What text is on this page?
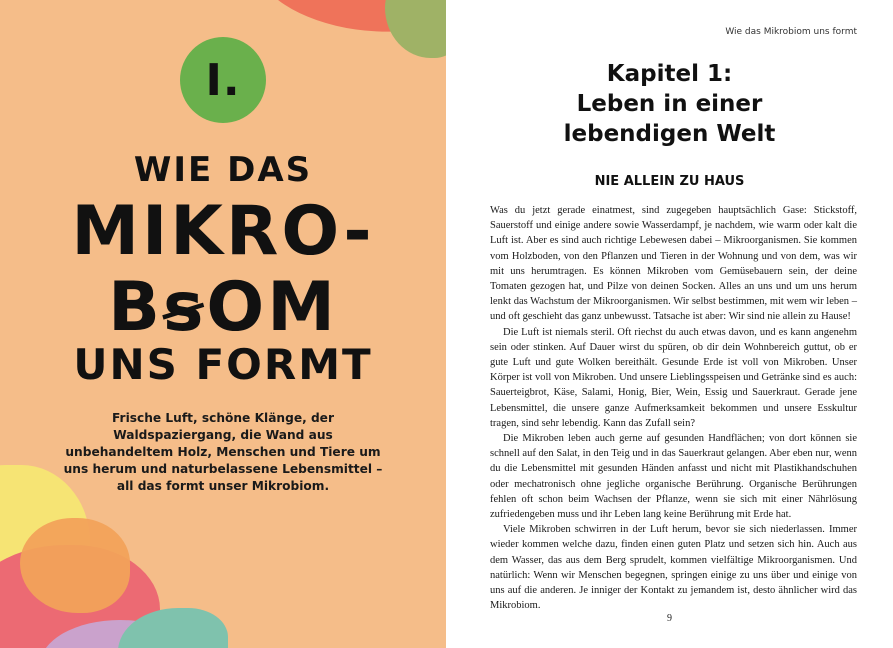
I.
WIE DAS
MIKRO-
B⁠ꞩOM
UNS FORMT
Frische Luft, schöne Klänge, der Waldspaziergang, die Wand aus unbehandeltem Holz, Menschen und Tiere um uns herum und naturbelassene Lebensmittel – all das formt unser Mikrobiom.
Wie das Mikrobiom uns formt
Kapitel 1:
Leben in einer
lebendigen Welt
NIE ALLEIN ZU HAUS

Was du jetzt gerade einatmest, sind zugegeben hauptsächlich Gase: Stickstoff, Sauerstoff und einige andere sowie Wasserdampf, je nachdem, wie warm oder kalt die Luft ist. Aber es sind auch richtige Lebewesen dabei – Mikroorganismen. Sie kommen vom Holzboden, von den Pflanzen und Tieren in der Wohnung und von dem, was wir mit uns herumtragen. Es können Mikroben vom Gemüsebauern sein, der deine Tomaten gezogen hat, und Pilze von deinen Socken. Alles an uns und um uns herum lenkt das Wachstum der Mikroorganismen. Wir selbst bestimmen, mit wem wir leben – und oft geschieht das ganz unbewusst. Tatsache ist aber: Wir sind nie allein zu Hause!

Die Luft ist niemals steril. Oft riechst du auch etwas davon, und es kann angenehm sein oder stinken. Auf Dauer wirst du spüren, ob dir dein Wohnbereich guttut, ob er gute Luft und gute Wolken bereithält. Gesunde Erde ist voll von Mikroben. Unser Körper ist voll von Mikroben. Und unsere Lieblingsspeisen und Getränke sind es auch: Sauerteigbrot, Käse, Salami, Honig, Bier, Wein, Essig und Sauerkraut. Gerade jene Lebensmittel, die unsere ganze Aufmerksamkeit bekommen und unsere Esskultur tragen, sind sehr lebendig. Kann das Zufall sein?

Die Mikroben leben auch gerne auf gesunden Handflächen; von dort können sie schnell auf den Salat, in den Teig und in das Sauerkraut gelangen. Aber eben nur, wenn du die Lebensmittel mit gesunden Händen anfasst und nicht mit Plastikhandschuhen oder mechatronisch ohne jegliche organische Berührung. Organische Berührungen fehlen oft schon beim Wachsen der Pflanze, wenn sie sich mit einer Nährlösung zufriedengeben muss und ihr Leben lang keine Berührung mit Erde hat.

Viele Mikroben schwirren in der Luft herum, bevor sie sich niederlassen. Immer wieder kommen welche dazu, finden einen guten Platz und setzen sich hin. Auch aus dem Wasser, das aus dem Berg sprudelt, kommen vielfältige Mikroorganismen. Und natürlich: Wenn wir Menschen begegnen, springen einige zu uns über und einige von uns auf die anderen. Je inniger der Kontakt zu jemandem ist, desto ähnlicher wird das Mikrobiom.

9
